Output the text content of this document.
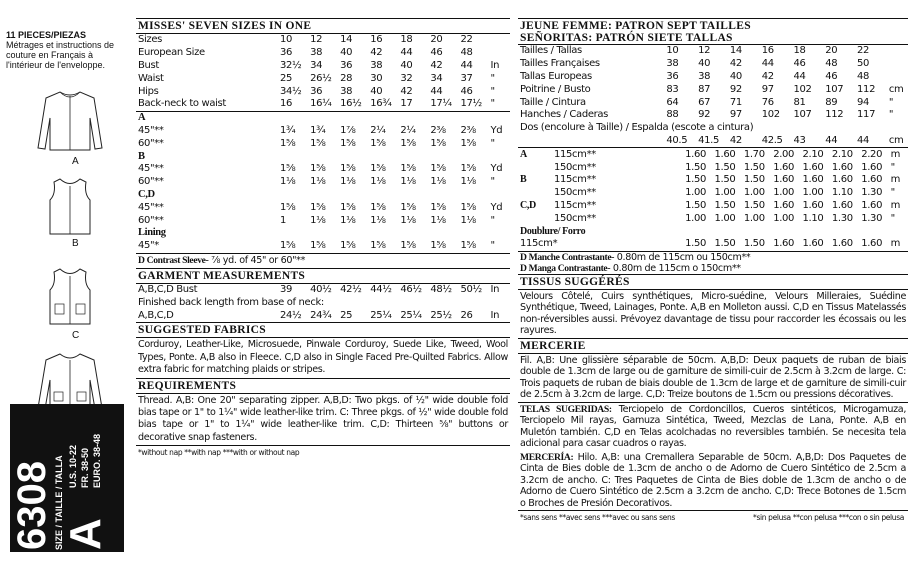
11 PIECES/PIEZAS
Métrages et instructions de couture en Français à l'intérieur de l'enveloppe.
A
B
C
6308 SIZE / TAILLE / TALLA
A
U.S. 10-22 FR. 38-50 EURO. 38-48
MISSES' SEVEN SIZES IN ONE
Sizes	10	12	14	16	18	20	22	
European Size	36	38	40	42	44	46	48	
Bust	32½	34	36	38	40	42	44	In
Waist	25	26½	28	30	32	34	37	"
Hips	34½	36	38	40	42	44	46	"
Back-neck to waist	16	16¼	16½	16¾	17	17¼	17½	"
A								
45"**	1¾	1¾	1⅞	2¼	2¼	2⅜	2⅜	Yd
60"**	1⅝	1⅝	1⅝	1⅝	1⅝	1⅝	1⅝	"
B								
45"**	1⅝	1⅝	1⅝	1⅝	1⅝	1⅝	1⅝	Yd
60"**	1⅛	1⅛	1⅛	1⅛	1⅛	1⅛	1⅛	"
C,D								
45"**	1⅝	1⅝	1⅝	1⅝	1⅝	1⅝	1⅝	Yd
60"**	1	1⅛	1⅛	1⅛	1⅛	1⅛	1⅛	"
Lining								
45"*	1⅝	1⅝	1⅝	1⅝	1⅝	1⅝	1⅝	"
D Contrast Sleeve- ⅞ yd. of 45" or 60"**
GARMENT MEASUREMENTS
A,B,C,D Bust	39	40½	42½	44½	46½	48½	50½	In
Finished back length from base of neck:								
A,B,C,D	24½	24¾	25	25¼	25¼	25½	26	In
SUGGESTED FABRICS
Corduroy, Leather-Like, Microsuede, Pinwale Corduroy, Suede Like, Tweed, Wool Types, Ponte. A,B also in Fleece. C,D also in Single Faced Pre-Quilted Fabrics. Allow extra fabric for matching plaids or stripes.
REQUIREMENTS
Thread. A,B: One 20" separating zipper. A,B,D: Two pkgs. of ½" wide double fold bias tape or 1" to 1¼" wide leather-like trim. C: Three pkgs. of ½" wide double fold bias tape or 1" to 1¼" wide leather-like trim. C,D: Thirteen ⅝" buttons or decorative snap fasteners.
*without nap **with nap ***with or without nap
JEUNE FEMME: PATRON SEPT TAILLES
SEÑORITAS: PATRÓN SIETE TALLAS
Tailles / Tallas	10	12	14	16	18	20	22	
Tailles Françaises	38	40	42	44	46	48	50	
Tallas Europeas	36	38	40	42	44	46	48	
Poitrine / Busto	83	87	92	97	102	107	112	cm
Taille / Cintura	64	67	71	76	81	89	94	"
Hanches / Caderas	88	92	97	102	107	112	117	"
Dos (encolure à Taille) / Espalda (escote a cintura)								
	40.5	41.5	42	42.5	43	44	44	cm
A 115cm**	1.60	1.60	1.70	2.00	2.10	2.10	2.20	m
150cm**	1.50	1.50	1.50	1.60	1.60	1.60	1.60	"
B 115cm**	1.50	1.50	1.50	1.60	1.60	1.60	1.60	m
150cm**	1.00	1.00	1.00	1.00	1.00	1.10	1.30	"
C,D 115cm**	1.50	1.50	1.50	1.60	1.60	1.60	1.60	m
150cm**	1.00	1.00	1.00	1.00	1.10	1.30	1.30	"
Doublure/ Forro								
115cm*	1.50	1.50	1.50	1.60	1.60	1.60	1.60	m
D Manche Contrastante- 0.80m de 115cm ou 150cm**
D Manga Contrastante- 0.80m de 115cm o 150cm**
TISSUS SUGGÉRÉS
Velours Côtelé, Cuirs synthétiques, Micro-suédine, Velours Milleraies, Suédine Synthétique, Tweed, Lainages, Ponte. A,B en Molleton aussi. C,D en Tissus Matelassés non-réversibles aussi. Prévoyez davantage de tissu pour raccorder les écossais ou les rayures.
MERCERIE
Fil. A,B: Une glissière séparable de 50cm. A,B,D: Deux paquets de ruban de biais double de 1.3cm de large ou de garniture de simili-cuir de 2.5cm à 3.2cm de large. C: Trois paquets de ruban de biais double de 1.3cm de large et de garniture de simili-cuir de 2.5cm à 3.2cm de large. C,D: Treize boutons de 1.5cm ou pressions décoratives.
TELAS SUGERIDAS: Terciopelo de Cordoncillos, Cueros sintéticos, Microgamuza, Terciopelo Mil rayas, Gamuza Sintética, Tweed, Mezclas de Lana, Ponte. A,B en Muletón también. C,D en Telas acolchadas no reversibles también. Se necesita tela adicional para casar cuadros o rayas.
MERCERÍA: Hilo. A,B: una Cremallera Separable de 50cm. A,B,D: Dos Paquetes de Cinta de Bies doble de 1.3cm de ancho o de Adorno de Cuero Sintético de 2.5cm a 3.2cm de ancho. C: Tres Paquetes de Cinta de Bies doble de 1.3cm de ancho o de Adorno de Cuero Sintético de 2.5cm a 3.2cm de ancho. C,D: Trece Botones de 1.5cm o Broches de Presión Decorativos.
*sans sens **avec sens ***avec ou sans sens	*sin pelusa **con pelusa ***con o sin pelusa
